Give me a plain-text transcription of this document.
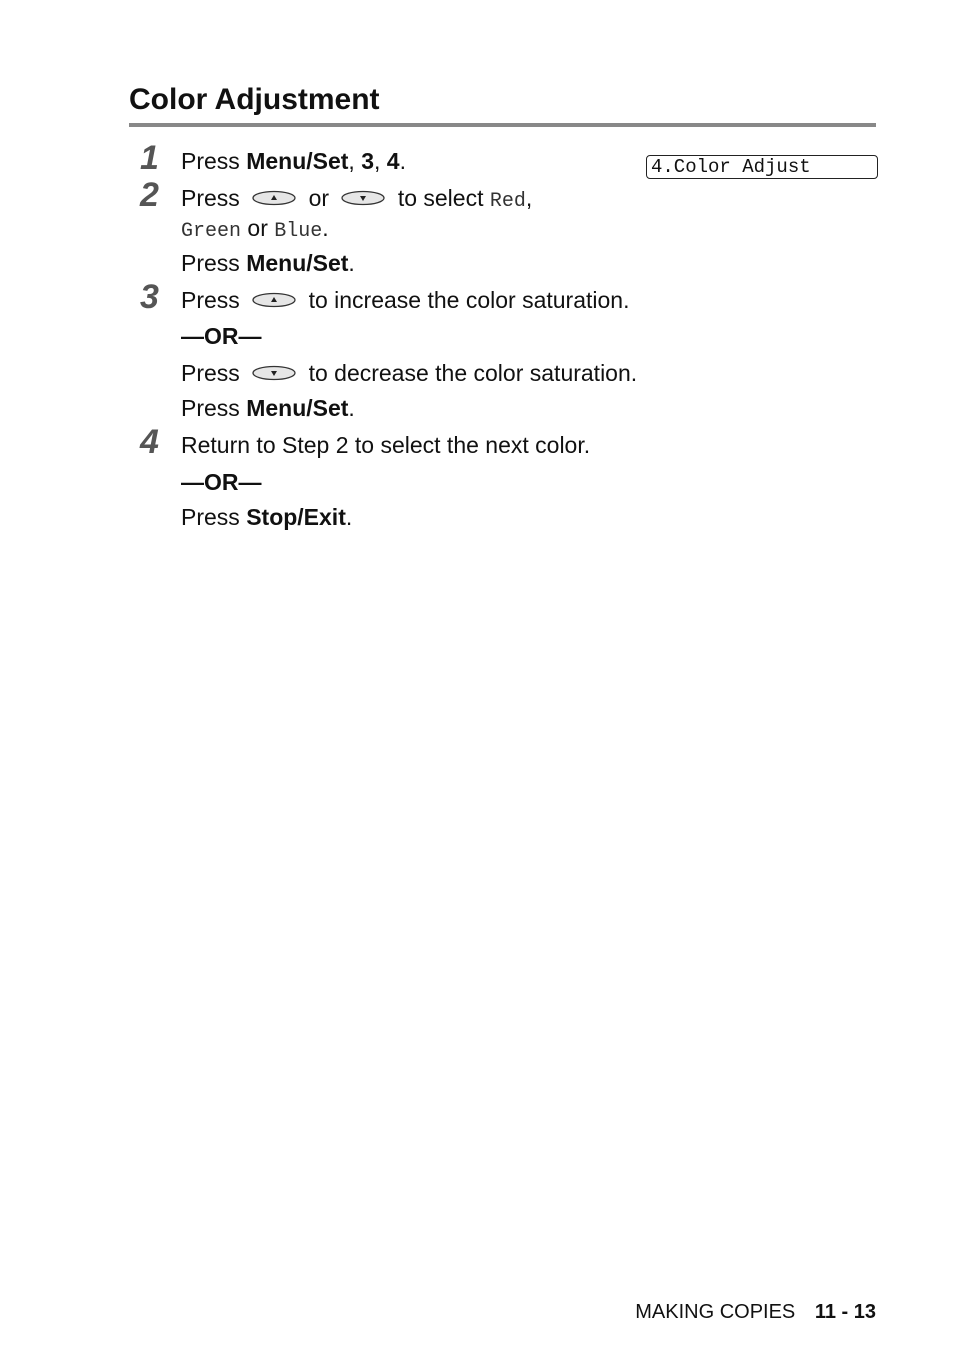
Color Adjustment
4.Color Adjust
1 Press Menu/Set, 3, 4.
2 Press	or	to select Red,
Green or Blue.
Press Menu/Set.
3 Press	to increase the color saturation.
—OR—
Press	to decrease the color saturation.
Press Menu/Set.
4 Return to Step 2 to select the next color.
—OR—
Press Stop/Exit.
MAKING COPIES 11 - 13
